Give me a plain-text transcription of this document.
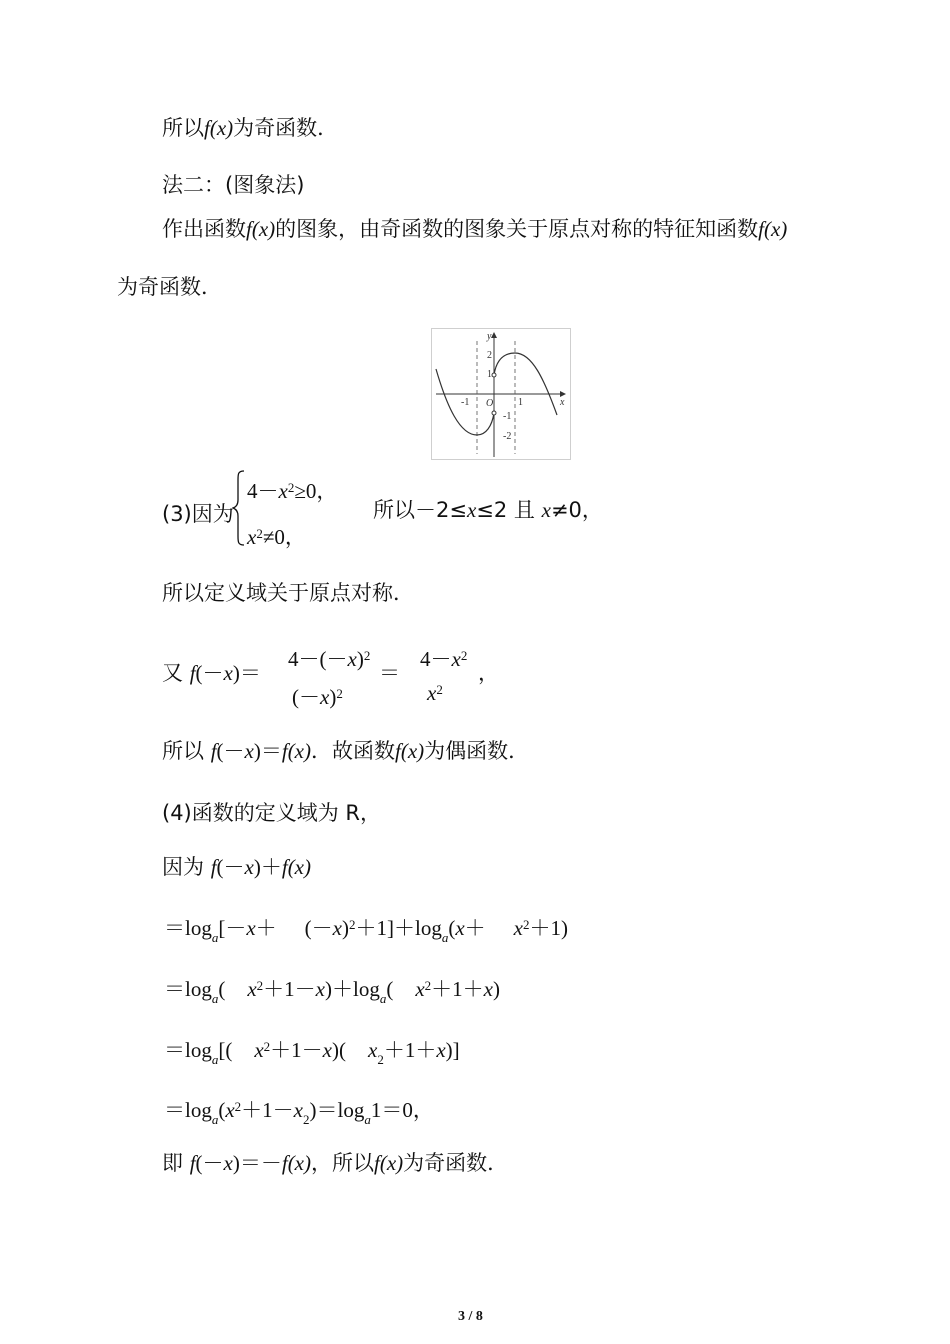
所以f(x)为奇函数．
法二：(图象法)
作出函数f(x)的图象，由奇函数的图象关于原点对称的特征知函数f(x)
为奇函数．
y
x
O
2
1
-1	1
-1
-2
(3)因为
$4-x^2\ge 0$，
$x^2\ne 0$，
所以－2≤x≤2 且 x≠0，
所以定义域关于原点对称．
又 f(－x)＝
$4-(-x)^2$
$(-x)^2$
＝
$4-x^2$
$x^2$
，
所以 f(－x)＝f(x)．故函数f(x)为偶函数．
(4)函数的定义域为 R，
因为 f(－x)＋f(x)
$=\log_a[-x+ (-x)^2+1]+\log_a(x+ x^2+1)$
$=\log_a$( $x^2+1-x)+\log_a$( $x^2+1+x$)
$=\log_a$[( $x^2+1-x$)( $x_2+1+x$)]
$=\log_a(x^2+1-x_2)=\log_a1=0$，
即 f(－x)＝－f(x)，所以f(x)为奇函数．
3 / 8
